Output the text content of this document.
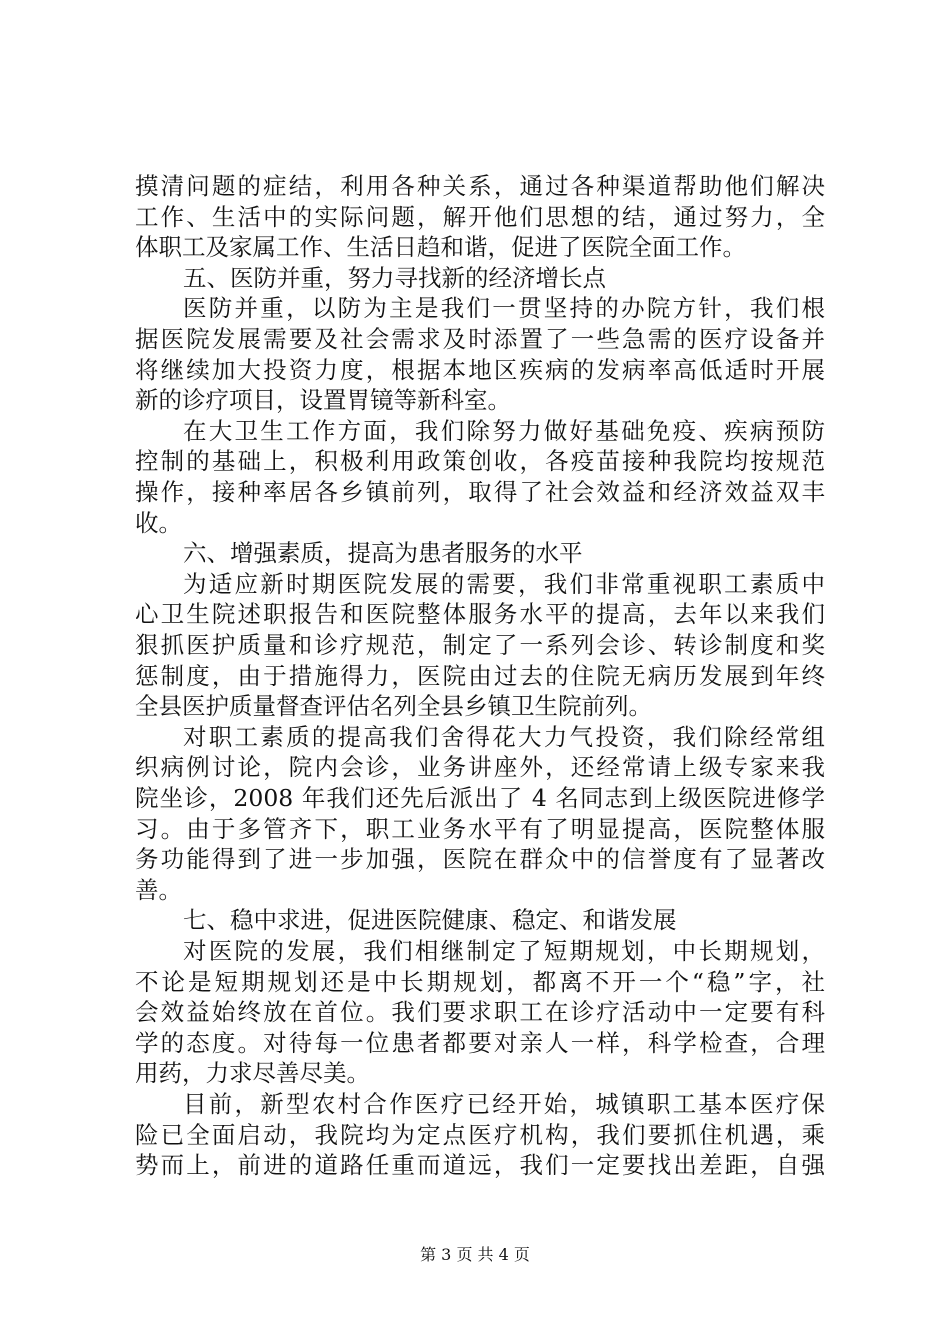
摸清问题的症结，利用各种关系，通过各种渠道帮助他们解决
工作、生活中的实际问题，解开他们思想的结，通过努力，全
体职工及家属工作、生活日趋和谐，促进了医院全面工作。
五、医防并重，努力寻找新的经济增长点
医防并重，以防为主是我们一贯坚持的办院方针，我们根
据医院发展需要及社会需求及时添置了一些急需的医疗设备并
将继续加大投资力度，根据本地区疾病的发病率高低适时开展
新的诊疗项目，设置胃镜等新科室。
在大卫生工作方面，我们除努力做好基础免疫、疾病预防
控制的基础上，积极利用政策创收，各疫苗接种我院均按规范
操作，接种率居各乡镇前列，取得了社会效益和经济效益双丰
收。
六、增强素质，提高为患者服务的水平
为适应新时期医院发展的需要，我们非常重视职工素质中
心卫生院述职报告和医院整体服务水平的提高，去年以来我们
狠抓医护质量和诊疗规范，制定了一系列会诊、转诊制度和奖
惩制度，由于措施得力，医院由过去的住院无病历发展到年终
全县医护质量督查评估名列全县乡镇卫生院前列。
对职工素质的提高我们舍得花大力气投资，我们除经常组
织病例讨论，院内会诊，业务讲座外，还经常请上级专家来我
院坐诊，2008 年我们还先后派出了 4 名同志到上级医院进修学
习。由于多管齐下，职工业务水平有了明显提高，医院整体服
务功能得到了进一步加强，医院在群众中的信誉度有了显著改
善。
七、稳中求进，促进医院健康、稳定、和谐发展
对医院的发展，我们相继制定了短期规划，中长期规划，
不论是短期规划还是中长期规划，都离不开一个“稳”字，社
会效益始终放在首位。我们要求职工在诊疗活动中一定要有科
学的态度。对待每一位患者都要对亲人一样，科学检查，合理
用药，力求尽善尽美。
目前，新型农村合作医疗已经开始，城镇职工基本医疗保
险已全面启动，我院均为定点医疗机构，我们要抓住机遇，乘
势而上，前进的道路任重而道远，我们一定要找出差距，自强
第 3 页 共 4 页
